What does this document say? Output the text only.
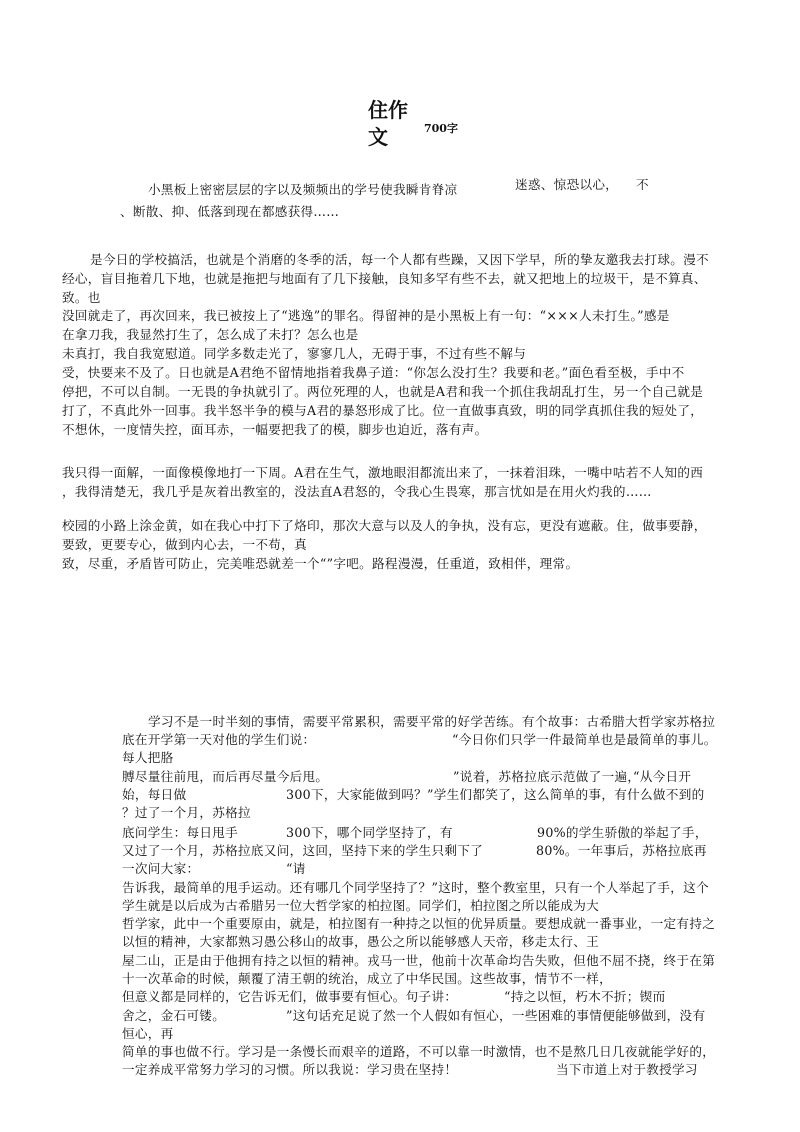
住作
文	700字
小黑板上密密层层的字以及频频出的学号使我瞬肯脊凉	迷惑、惊恐以心， 不
、断散、抑、低落到现在都感获得……
是今日的学校搞活，也就是个消磨的冬季的活，每一个人都有些躁，又因下学早，所的挚友邀我去打球。漫不
经心，盲目拖着几下地，也就是拖把与地面有了几下接触，良知多罕有些不去，就又把地上的垃圾干，是不算真、
致。也
没回就走了，再次回来，我已被按上了“逃逸”的罪名。得留神的是小黑板上有一句：“×××人未打生。”感是
在拿刀我，我显然打生了，怎么成了未打？怎么也是
未真打，我自我宽慰道。同学多数走光了，寥寥几人，无碍于事，不过有些不解与
受，快要来不及了。日也就是A君绝不留情地指着我鼻子道：“你怎么没打生？我要和老。”面色看至极，手中不
停把，不可以自制。一无畏的争执就引了。两位死理的人，也就是A君和我一个抓住我胡乱打生，另一个自己就是
打了，不真此外一回事。我半怒半争的模与A君的暴怒形成了比。位一直做事真致，明的同学真抓住我的短处了，
不想休，一度情失控，面耳赤，一幅要把我了的模，脚步也迫近，落有声。
我只得一面解，一面像模像地打一下周。A君在生气，激地眼泪都流出来了，一抹着泪珠，一嘴中咕若不人知的西
，我得清楚无，我几乎是灰着出教室的，没法直A君怒的，令我心生畏寒，那言忧如是在用火灼我的……
校园的小路上涂金黄，如在我心中打下了烙印，那次大意与以及人的争执，没有忘，更没有遮蔽。住，做事要静，
要致，更要专心，做到内心去，一不苟，真
致，尽重，矛盾皆可防止，完美唯恐就差一个“”字吧。路程漫漫，任重道，致相伴，理常。
学习不是一时半刻的事情，需要平常累积，需要平常的好学苦练。有个故事：古希腊大哲学家苏格拉
底在开学第一天对他的学生们说：	“今日你们只学一件最简单也是最简单的事儿。
每人把胳
膊尽量往前甩，而后再尽量今后甩。	”说着，苏格拉底示范做了一遍，
“从今日开
始，每日做	300下，大家能做到吗？”学生们都笑了，这么简单的事，有什么做不到的
？过了一个月，苏格拉
底问学生：每日甩手	300下，哪个同学坚持了，有	90%的学生骄傲的举起了手，
又过了一个月，苏格拉底又问，这回，坚持下来的学生只剩下了	80%。一年事后，苏格拉底再
一次问大家：	“请
告诉我，最简单的甩手运动。还有哪几个同学坚持了？”这时，整个教室里，只有一个人举起了手，这个
学生就是以后成为古希腊另一位大哲学家的柏拉图。同学们，柏拉图之所以能成为大
哲学家，此中一个重要原由，就是，柏拉图有一种持之以恒的优异质量。要想成就一番事业，一定有持之
以恒的精神，大家都熟习愚公移山的故事，愚公之所以能够感人天帝，移走太行、王
屋二山，正是由于他拥有持之以恒的精神。戎马一世，他前十次革命均告失败，但他不屈不挠，终于在第
十一次革命的时候，颠覆了清王朝的统治，成立了中华民国。这些故事，情节不一样，
但意义都是同样的，它告诉无们，做事要有恒心。句子讲：	“持之以恒，朽木不折；锲而
舍之，金石可镂。	”这句话充足说了然一个人假如有恒心，一些困难的事情便能够做到，没有
恒心，再
简单的事也做不行。学习是一条慢长而艰辛的道路，不可以靠一时激情，也不是熬几日几夜就能学好的，
一定养成平常努力学习的习惯。所以我说：学习贵在坚持！	当下市道上对于教授学习
